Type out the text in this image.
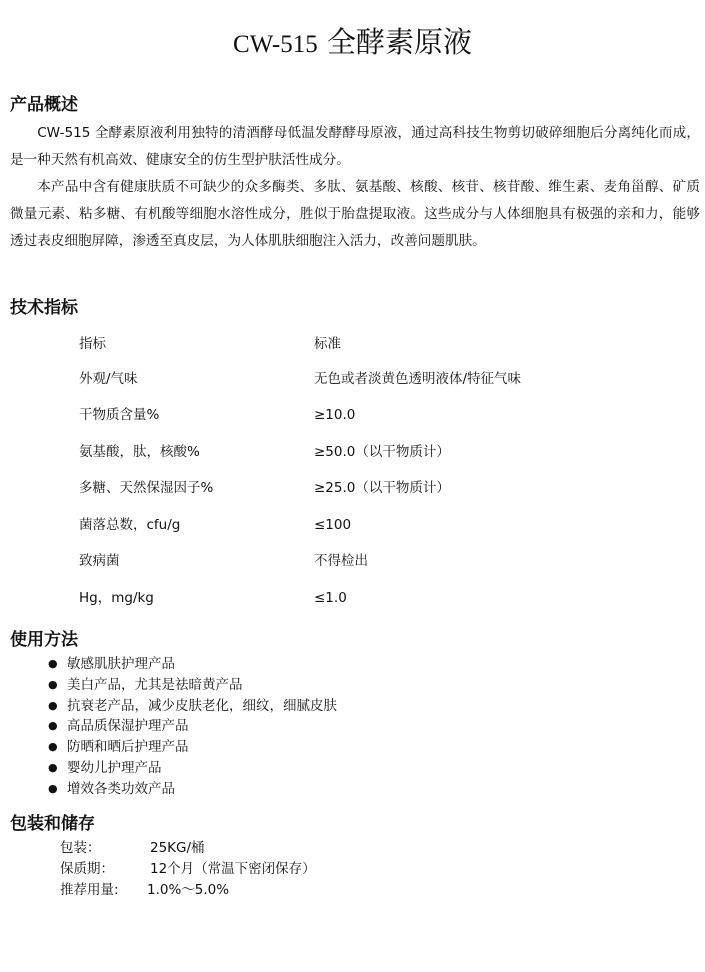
CW-515 全酵素原液
产品概述
CW-515 全酵素原液利用独特的清酒酵母低温发酵酵母原液，通过高科技生物剪切破碎细胞后分离纯化而成，是一种天然有机高效、健康安全的仿生型护肤活性成分。
本产品中含有健康肤质不可缺少的众多酶类、多肽、氨基酸、核酸、核苷、核苷酸、维生素、麦角甾醇、矿质微量元素、粘多糖、有机酸等细胞水溶性成分，胜似于胎盘提取液。这些成分与人体细胞具有极强的亲和力，能够透过表皮细胞屏障，渗透至真皮层，为人体肌肤细胞注入活力，改善问题肌肤。
技术指标
指标	标准
外观/气味	无色或者淡黄色透明液体/特征气味
干物质含量%	≥10.0
氨基酸，肽，核酸%	≥50.0（以干物质计）
多糖、天然保湿因子%	≥25.0（以干物质计）
菌落总数，cfu/g	≤100
致病菌	不得检出
Hg，mg/kg	≤1.0
使用方法
● 敏感肌肤护理产品
● 美白产品，尤其是祛暗黄产品
● 抗衰老产品，减少皮肤老化，细纹，细腻皮肤
● 高品质保湿护理产品
● 防晒和晒后护理产品
● 婴幼儿护理产品
● 增效各类功效产品
包装和储存
包装：	25KG/桶
保质期：	12个月（常温下密闭保存）
推荐用量: 1.0%～5.0%
